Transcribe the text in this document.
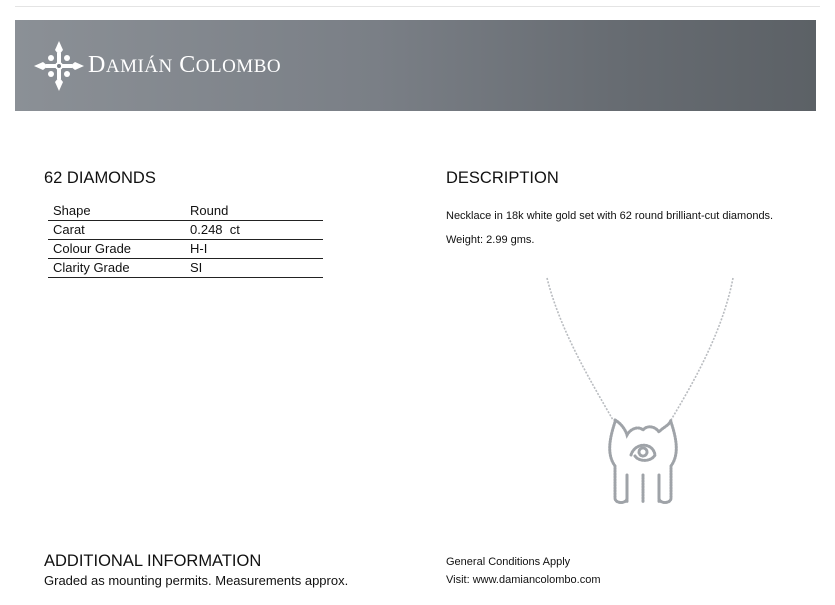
DAMIÁN COLOMBO
62 DIAMONDS
Shape	Round
Carat	0.248  ct
Colour Grade	H-I
Clarity Grade	SI
DESCRIPTION
Necklace in 18k white gold set with 62 round brilliant-cut diamonds.
Weight: 2.99 gms.
ADDITIONAL INFORMATION
Graded as mounting permits. Measurements approx.
General Conditions Apply
Visit: www.damiancolombo.com
